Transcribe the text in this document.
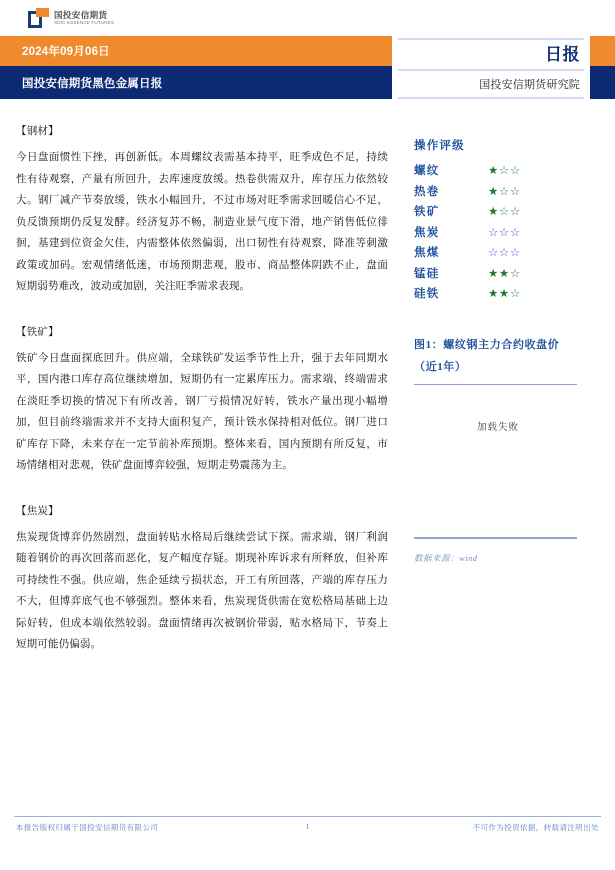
国投安信期货
SDIC ESSENCE FUTURES
2024年09月06日
国投安信期货黑色金属日报
日报
国投安信期货研究院
【钢材】

今日盘面惯性下挫，再创新低。本周螺纹表需基本持平，旺季成色不足，持续性有待观察，产量有所回升，去库速度放缓。热卷供需双升，库存压力依然较大。钢厂减产节奏放缓，铁水小幅回升，不过市场对旺季需求回暖信心不足，负反馈预期仍反复发酵。经济复苏不畅，制造业景气度下滑，地产销售低位徘徊，基建到位资金欠佳，内需整体依然偏弱，出口韧性有待观察，降准等刺激政策或加码。宏观情绪低迷，市场预期悲观，股市、商品整体阴跌不止，盘面短期弱势难改，波动或加剧，关注旺季需求表现。

【铁矿】

铁矿今日盘面探底回升。供应端，全球铁矿发运季节性上升，强于去年同期水平，国内港口库存高位继续增加，短期仍有一定累库压力。需求端，终端需求在淡旺季切换的情况下有所改善，钢厂亏损情况好转，铁水产量出现小幅增加，但目前终端需求并不支持大面积复产，预计铁水保持相对低位。钢厂进口矿库存下降，未来存在一定节前补库预期。整体来看，国内预期有所反复，市场情绪相对悲观，铁矿盘面博弈较强，短期走势震荡为主。

【焦炭】

焦炭现货博弈仍然剧烈，盘面转贴水格局后继续尝试下探。需求端，钢厂利润随着钢价的再次回落而恶化，复产幅度存疑。期现补库诉求有所释放，但补库可持续性不强。供应端，焦企延续亏损状态，开工有所回落，产端的库存压力不大，但博弈底气也不够强烈。整体来看，焦炭现货供需在宽松格局基础上边际好转，但成本端依然较弱。盘面情绪再次被钢价带弱，贴水格局下，节奏上短期可能仍偏弱。

操作评级
螺纹	★☆☆
热卷	★☆☆
铁矿	★☆☆
焦炭	☆☆☆
焦煤	☆☆☆
锰硅	★★☆
硅铁	★★☆
图1：螺纹钢主力合约收盘价
（近1年）
加载失败
数据来源：wind
本报告版权归属于国投安信期货有限公司	1	不可作为投资依据，转载请注明出处
